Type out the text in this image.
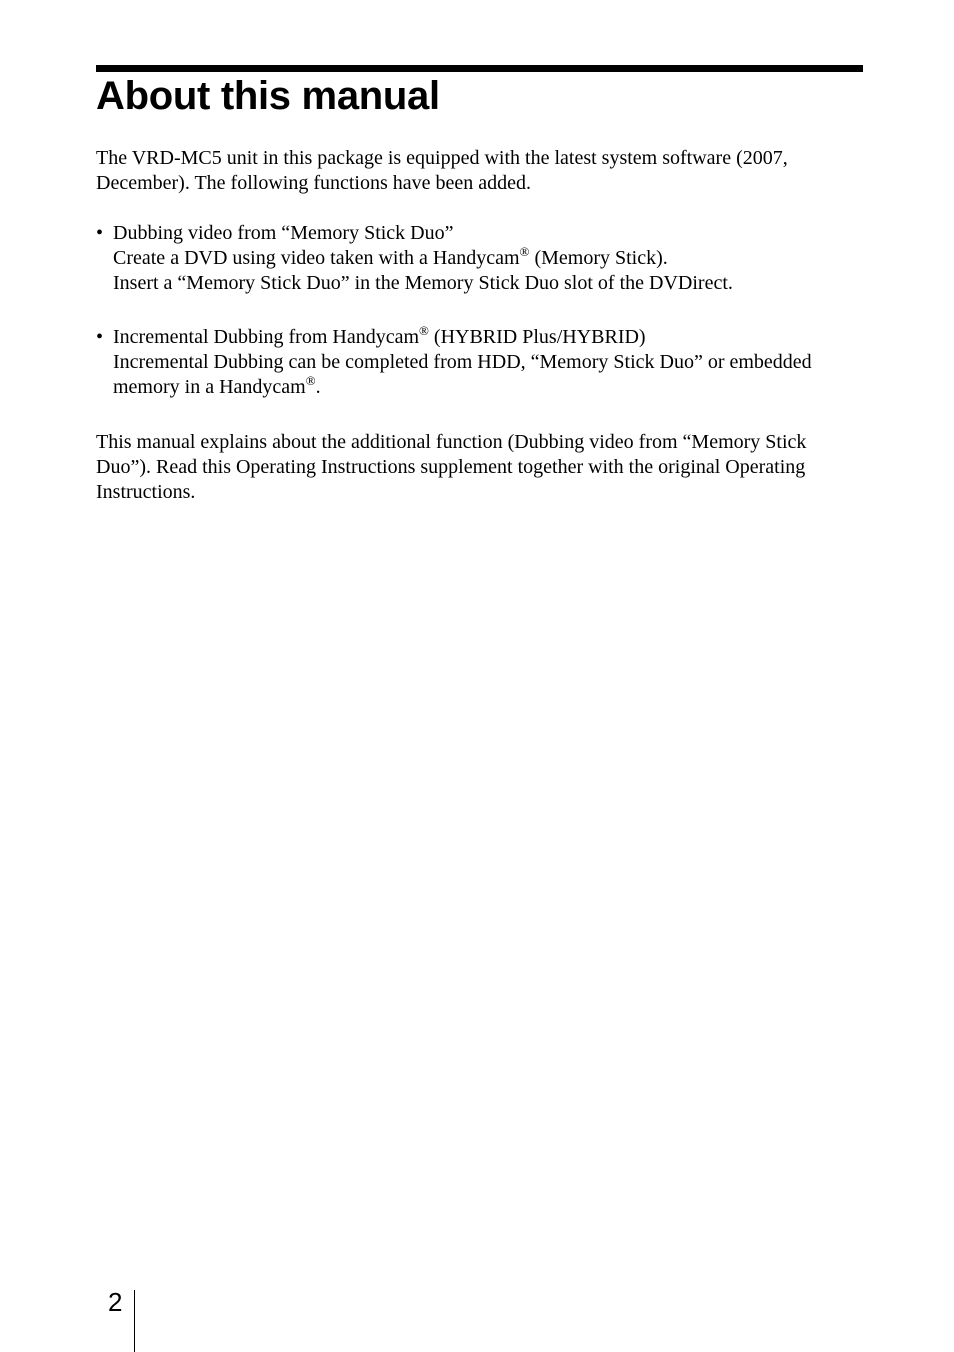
About this manual

The VRD-MC5 unit in this package is equipped with the latest system software (2007, December). The following functions have been added.

• Dubbing video from “Memory Stick Duo”
Create a DVD using video taken with a Handycam® (Memory Stick).
Insert a “Memory Stick Duo” in the Memory Stick Duo slot of the DVDirect.
• Incremental Dubbing from Handycam® (HYBRID Plus/HYBRID)
Incremental Dubbing can be completed from HDD, “Memory Stick Duo” or embedded memory in a Handycam®.

This manual explains about the additional function (Dubbing video from “Memory Stick Duo”). Read this Operating Instructions supplement together with the original Operating Instructions.

2
